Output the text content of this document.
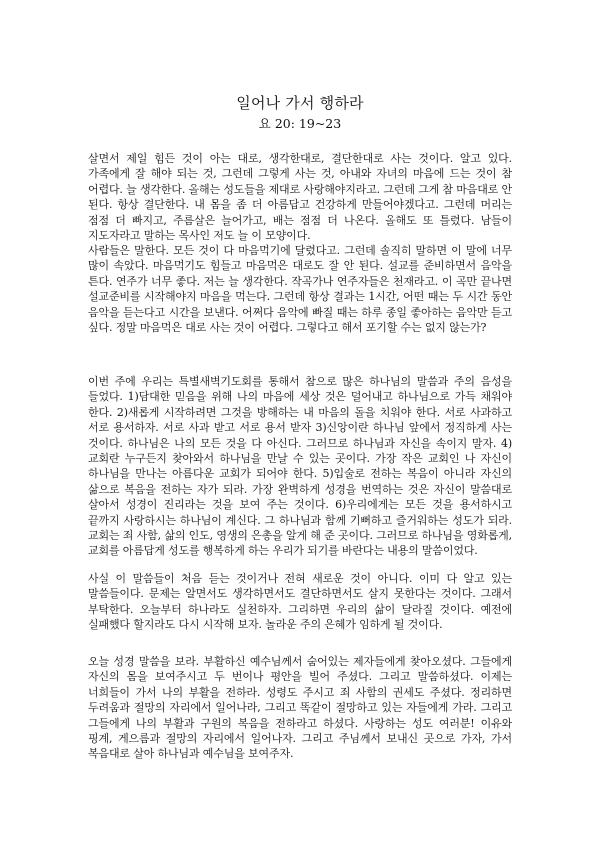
일어나 가서 행하라
요 20: 19~23

살면서 제일 힘든 것이 아는 대로, 생각한대로, 결단한대로 사는 것이다. 알고 있다. 가족에게 잘 해야 되는 것, 그런데 그렇게 사는 것, 아내와 자녀의 마음에 드는 것이 참 어렵다. 늘 생각한다. 올해는 성도들을 제대로 사랑해야지라고. 그런데 그게 참 마음대로 안 된다. 항상 결단한다. 내 몸을 좀 더 아름답고 건강하게 만들어야겠다고. 그런데 머리는 점점 더 빠지고, 주름살은 늘어가고, 배는 점점 더 나온다. 올해도 또 틀렸다. 남들이 지도자라고 말하는 목사인 저도 늘 이 모양이다.

사람들은 말한다. 모든 것이 다 마음먹기에 달렸다고. 그런데 솔직히 말하면 이 말에 너무 많이 속았다. 마음먹기도 힘들고 마음먹은 대로도 잘 안 된다. 설교를 준비하면서 음악을 튼다. 연주가 너무 좋다. 저는 늘 생각한다. 작곡가나 연주자들은 천재라고. 이 곡만 끝나면 설교준비를 시작해야지 마음을 먹는다. 그런데 항상 결과는 1시간, 어떤 때는 두 시간 동안 음악을 듣는다고 시간을 보낸다. 어쩌다 음악에 빠질 때는 하루 종일 좋아하는 음악만 듣고 싶다. 정말 마음먹은 대로 사는 것이 어렵다. 그렇다고 해서 포기할 수는 없지 않는가?

이번 주에 우리는 특별새벽기도회를 통해서 참으로 많은 하나님의 말씀과 주의 음성을 들었다. 1)담대한 믿음을 위해 나의 마음에 세상 것은 덜어내고 하나님으로 가득 채워야 한다. 2)새롭게 시작하려면 그것을 방해하는 내 마음의 돌을 치워야 한다. 서로 사과하고 서로 용서하자. 서로 사과 받고 서로 용서 받자 3)신앙이란 하나님 앞에서 정직하게 사는 것이다. 하나님은 나의 모든 것을 다 아신다. 그러므로 하나님과 자신을 속이지 말자. 4)교회란 누구든지 찾아와서 하나님을 만날 수 있는 곳이다. 가장 작은 교회인 나 자신이 하나님을 만나는 아름다운 교회가 되어야 한다. 5)입술로 전하는 복음이 아니라 자신의 삶으로 복음을 전하는 자가 되라. 가장 완벽하게 성경을 번역하는 것은 자신이 말씀대로 살아서 성경이 진리라는 것을 보여 주는 것이다. 6)우리에게는 모든 것을 용서하시고 끝까지 사랑하시는 하나님이 계신다. 그 하나님과 함께 기뻐하고 즐거워하는 성도가 되라. 교회는 죄 사함, 삶의 인도, 영생의 은총을 알게 해 준 곳이다. 그러므로 하나님을 영화롭게, 교회를 아름답게 성도를 행복하게 하는 우리가 되기를 바란다는 내용의 말씀이었다.

사실 이 말씀들이 처음 듣는 것이거나 전혀 새로운 것이 아니다. 이미 다 알고 있는 말씀들이다. 문제는 알면서도 생각하면서도 결단하면서도 살지 못한다는 것이다. 그래서 부탁한다. 오늘부터 하나라도 실천하자. 그리하면 우리의 삶이 달라질 것이다. 예전에 실패했다 할지라도 다시 시작해 보자. 놀라운 주의 은혜가 임하게 될 것이다.

오늘 성경 말씀을 보라. 부활하신 예수님께서 숨어있는 제자들에게 찾아오셨다. 그들에게 자신의 몸을 보여주시고 두 번이나 평안을 빌어 주셨다. 그리고 말씀하셨다. 이제는 너희들이 가서 나의 부활을 전하라. 성령도 주시고 죄 사함의 권세도 주셨다. 정리하면 두려움과 절망의 자리에서 일어나라, 그리고 똑같이 절망하고 있는 자들에게 가라. 그리고 그들에게 나의 부활과 구원의 복음을 전하라고 하셨다. 사랑하는 성도 여러분! 이유와 핑계, 게으름과 절망의 자리에서 일어나자. 그리고 주님께서 보내신 곳으로 가자, 가서 복음대로 살아 하나님과 예수님을 보여주자.
